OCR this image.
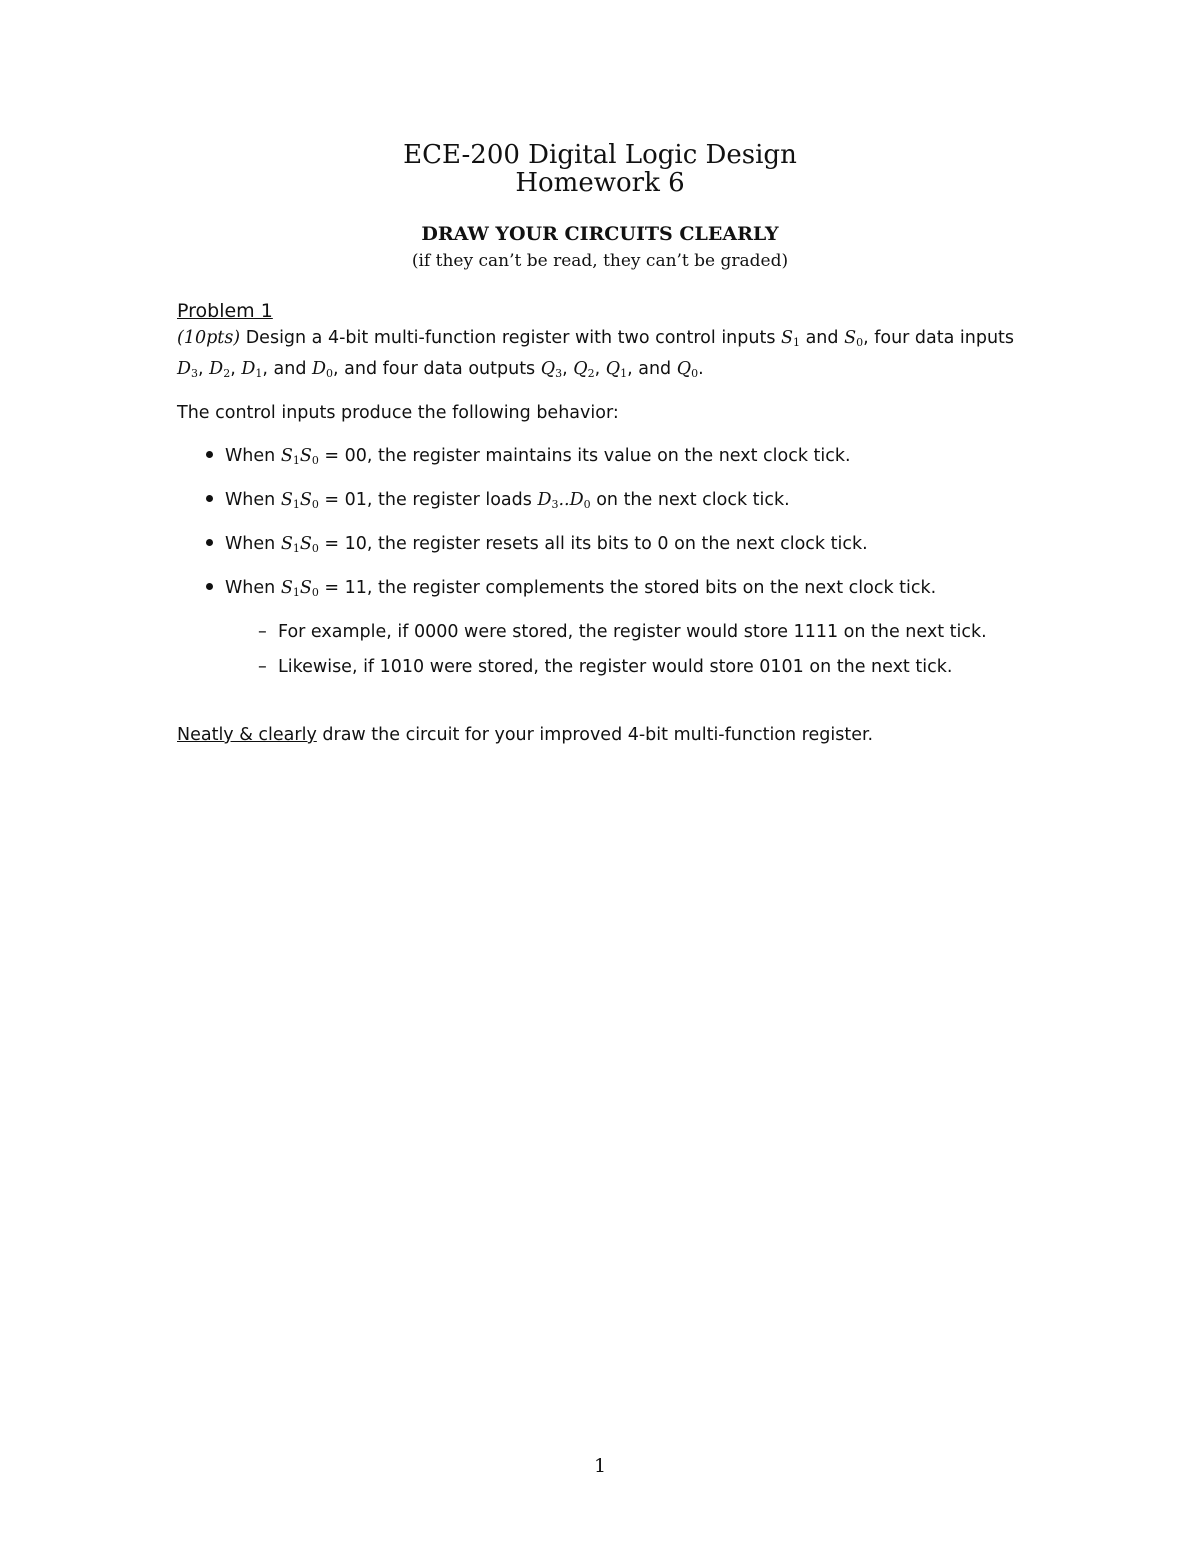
ECE-200 Digital Logic Design
Homework 6
DRAW YOUR CIRCUITS CLEARLY
(if they can’t be read, they can’t be graded)
Problem 1
(10pts) Design a 4-bit multi-function register with two control inputs $S_1$ and $S_0$, four data inputs $D_3$, $D_2$, $D_1$, and $D_0$, and four data outputs $Q_3$, $Q_2$, $Q_1$, and $Q_0$.
The control inputs produce the following behavior:
When $S_1S_0 = 00$, the register maintains its value on the next clock tick.
When $S_1S_0 = 01$, the register loads $D_3..D_0$ on the next clock tick.
When $S_1S_0 = 10$, the register resets all its bits to 0 on the next clock tick.
When $S_1S_0 = 11$, the register complements the stored bits on the next clock tick.
– For example, if 0000 were stored, the register would store 1111 on the next tick.
– Likewise, if 1010 were stored, the register would store 0101 on the next tick.
Neatly & clearly draw the circuit for your improved 4-bit multi-function register.
1
